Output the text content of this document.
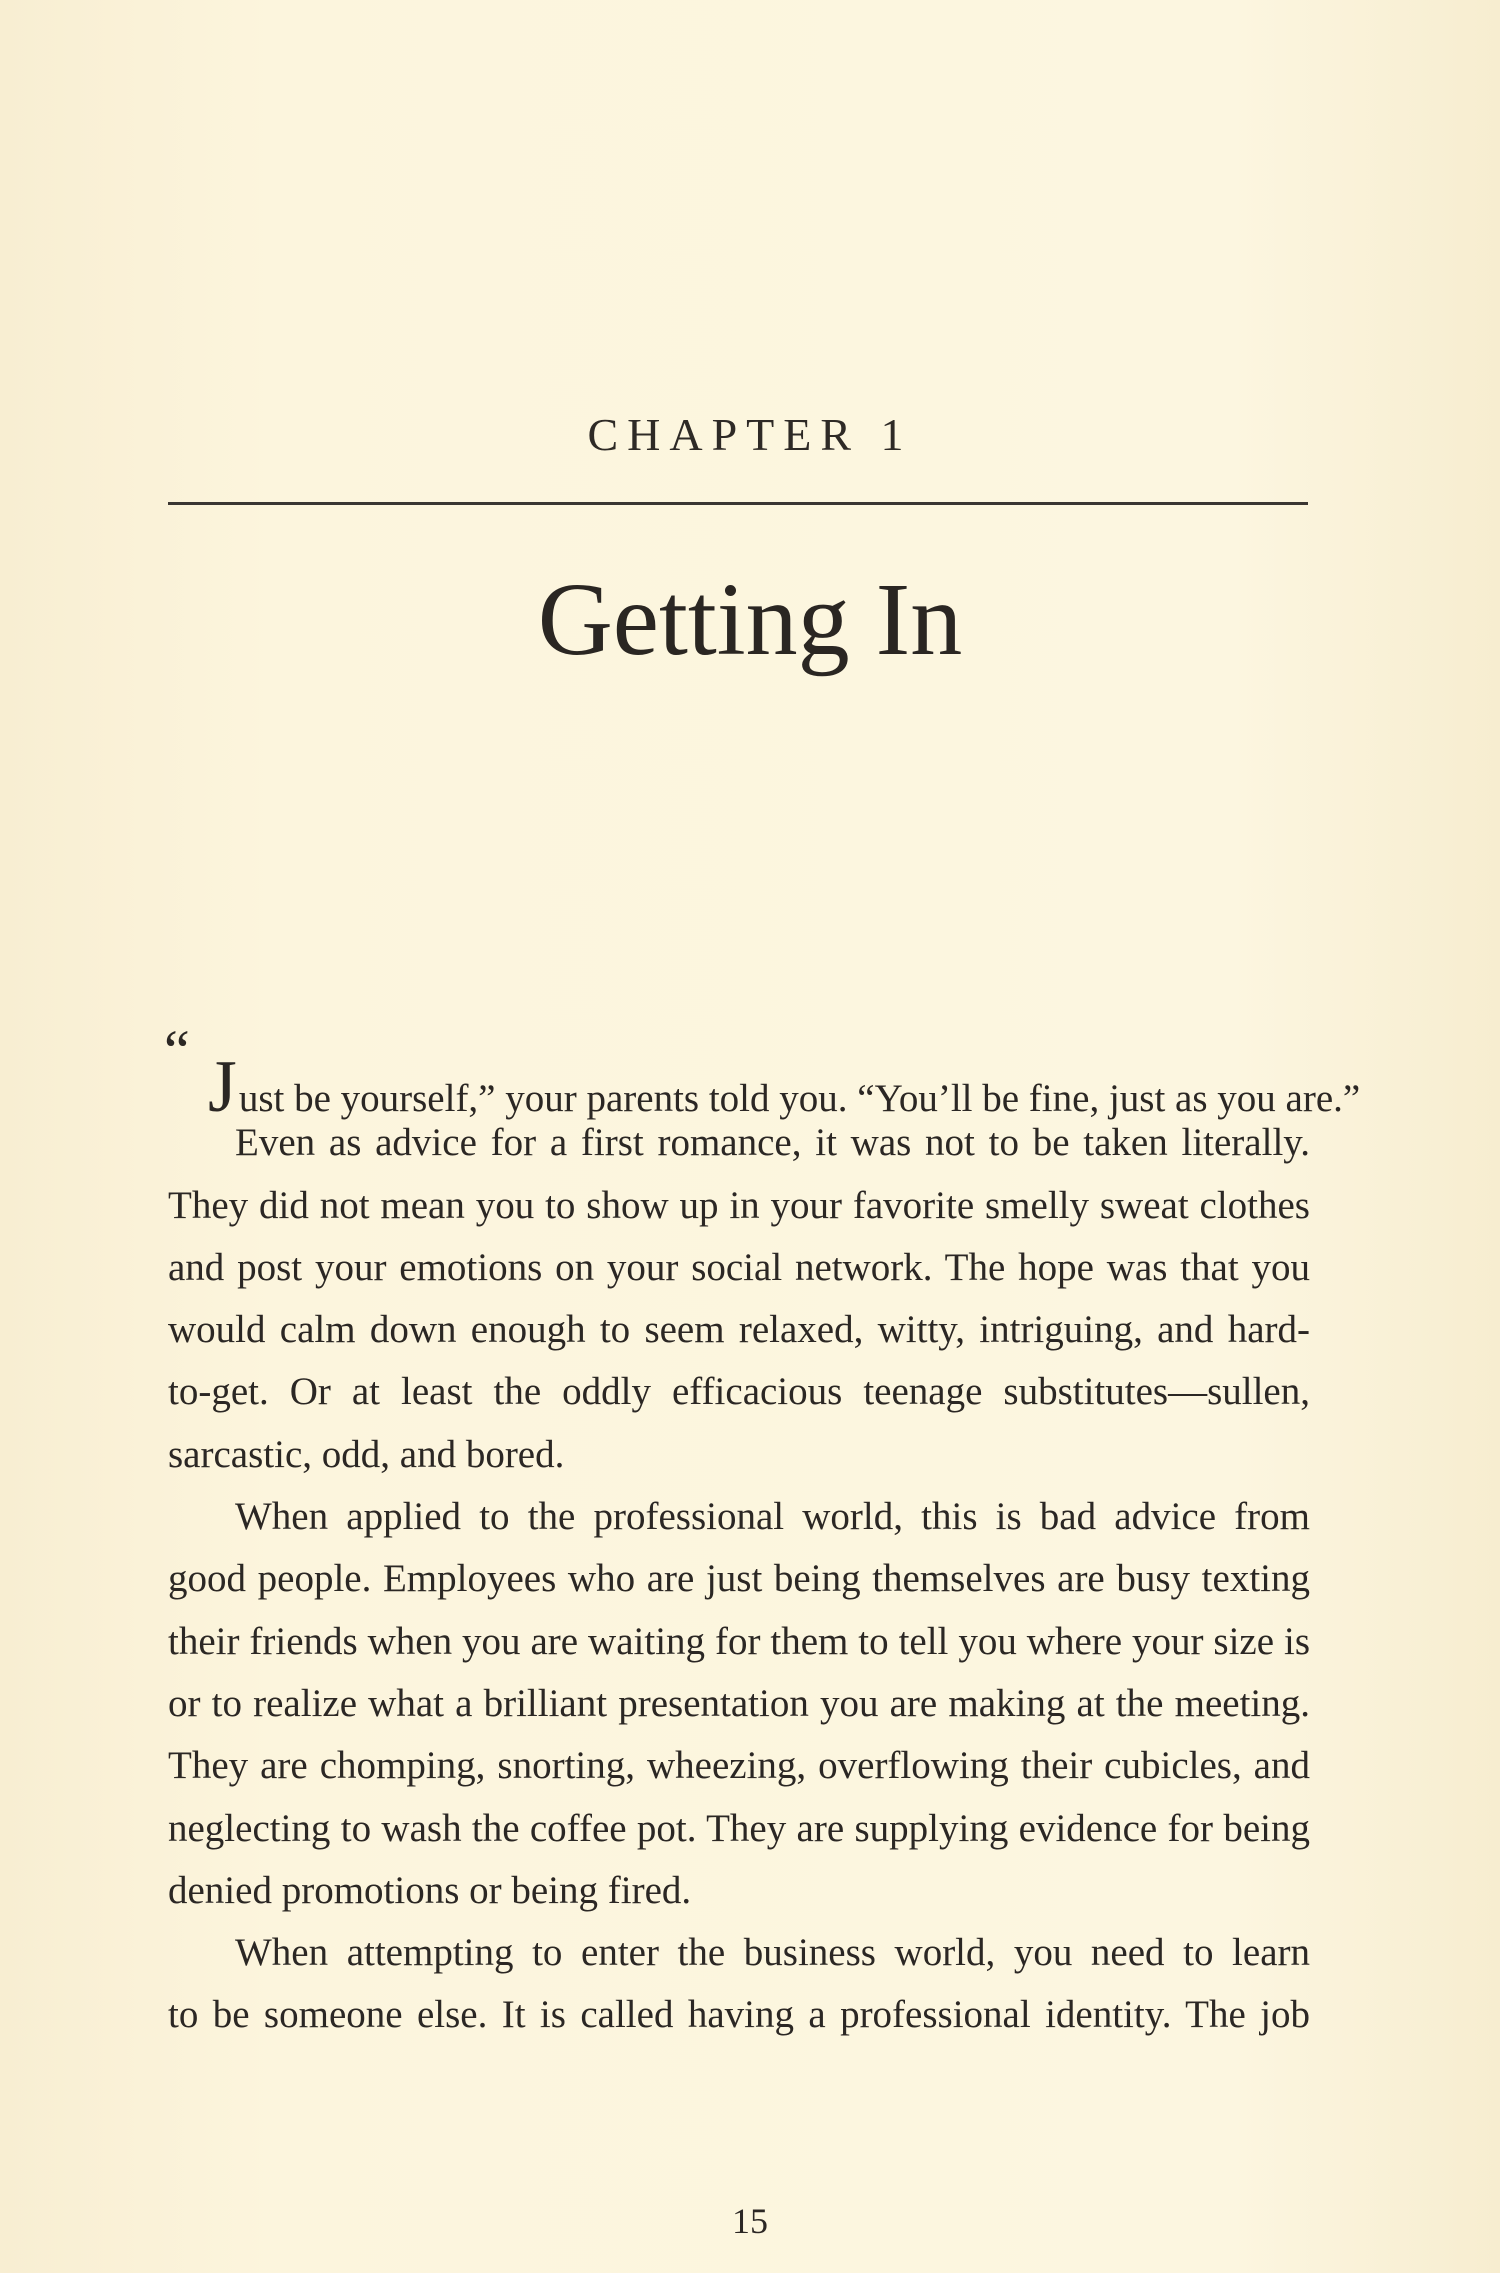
CHAPTER 1
Getting In
“ Just be yourself,” your parents told you. “You’ll be fine, just as you are.”
Even as advice for a first romance, it was not to be taken literally.
They did not mean you to show up in your favorite smelly sweat clothes
and post your emotions on your social network. The hope was that you
would calm down enough to seem relaxed, witty, intriguing, and hard-
to-get. Or at least the oddly efficacious teenage substitutes—sullen,
sarcastic, odd, and bored.
When applied to the professional world, this is bad advice from
good people. Employees who are just being themselves are busy texting
their friends when you are waiting for them to tell you where your size is
or to realize what a brilliant presentation you are making at the meeting.
They are chomping, snorting, wheezing, overflowing their cubicles, and
neglecting to wash the coffee pot. They are supplying evidence for being
denied promotions or being fired.
When attempting to enter the business world, you need to learn
to be someone else. It is called having a professional identity. The job
15
